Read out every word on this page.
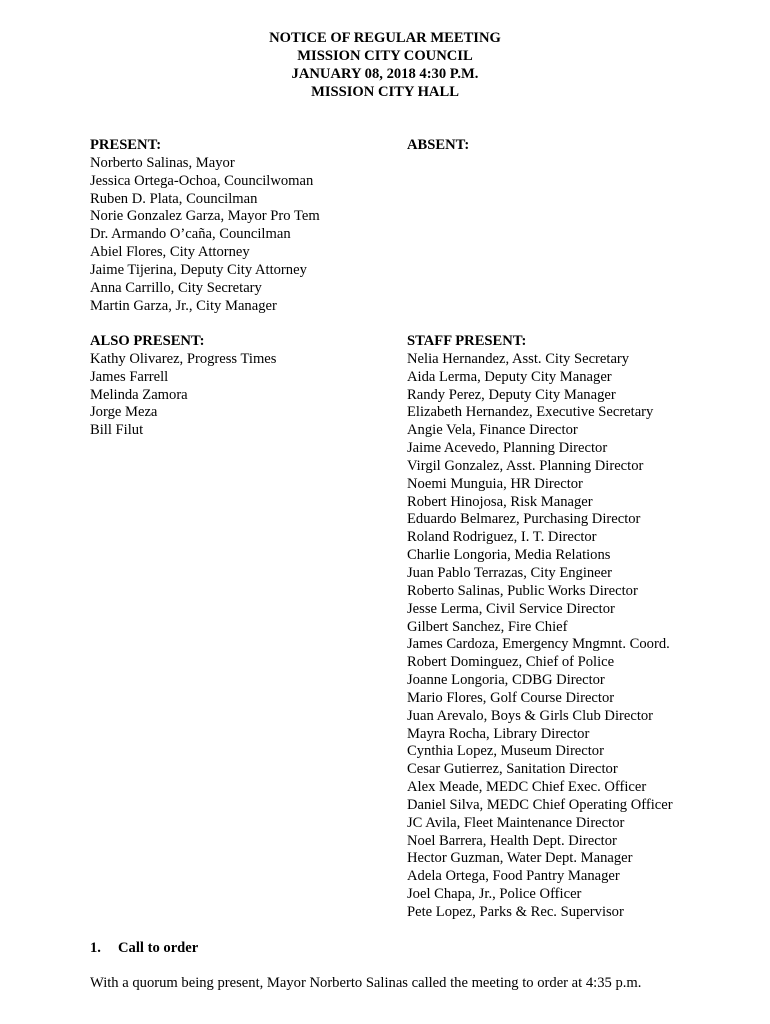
NOTICE OF REGULAR MEETING
MISSION CITY COUNCIL
JANUARY 08, 2018 4:30 P.M.
MISSION CITY HALL
PRESENT:
Norberto Salinas, Mayor
Jessica Ortega-Ochoa, Councilwoman
Ruben D. Plata, Councilman
Norie Gonzalez Garza, Mayor Pro Tem
Dr. Armando O’caña, Councilman
Abiel Flores, City Attorney
Jaime Tijerina, Deputy City Attorney
Anna Carrillo, City Secretary
Martin Garza, Jr., City Manager
ABSENT:
ALSO PRESENT:
Kathy Olivarez, Progress Times
James Farrell
Melinda Zamora
Jorge Meza
Bill Filut
STAFF PRESENT:
Nelia Hernandez, Asst. City Secretary
Aida Lerma, Deputy City Manager
Randy Perez, Deputy City Manager
Elizabeth Hernandez, Executive Secretary
Angie Vela, Finance Director
Jaime Acevedo, Planning Director
Virgil Gonzalez, Asst. Planning Director
Noemi Munguia, HR Director
Robert Hinojosa, Risk Manager
Eduardo Belmarez, Purchasing Director
Roland Rodriguez, I. T. Director
Charlie Longoria, Media Relations
Juan Pablo Terrazas, City Engineer
Roberto Salinas, Public Works Director
Jesse Lerma, Civil Service Director
Gilbert Sanchez, Fire Chief
James Cardoza, Emergency Mngmnt. Coord.
Robert Dominguez, Chief of Police
Joanne Longoria, CDBG Director
Mario Flores, Golf Course Director
Juan Arevalo, Boys & Girls Club Director
Mayra Rocha, Library Director
Cynthia Lopez, Museum Director
Cesar Gutierrez, Sanitation Director
Alex Meade, MEDC Chief Exec. Officer
Daniel Silva, MEDC Chief Operating Officer
JC Avila, Fleet Maintenance Director
Noel Barrera, Health Dept. Director
Hector Guzman, Water Dept. Manager
Adela Ortega, Food Pantry Manager
Joel Chapa, Jr., Police Officer
Pete Lopez, Parks & Rec. Supervisor
1. Call to order
With a quorum being present, Mayor Norberto Salinas called the meeting to order at 4:35 p.m.
